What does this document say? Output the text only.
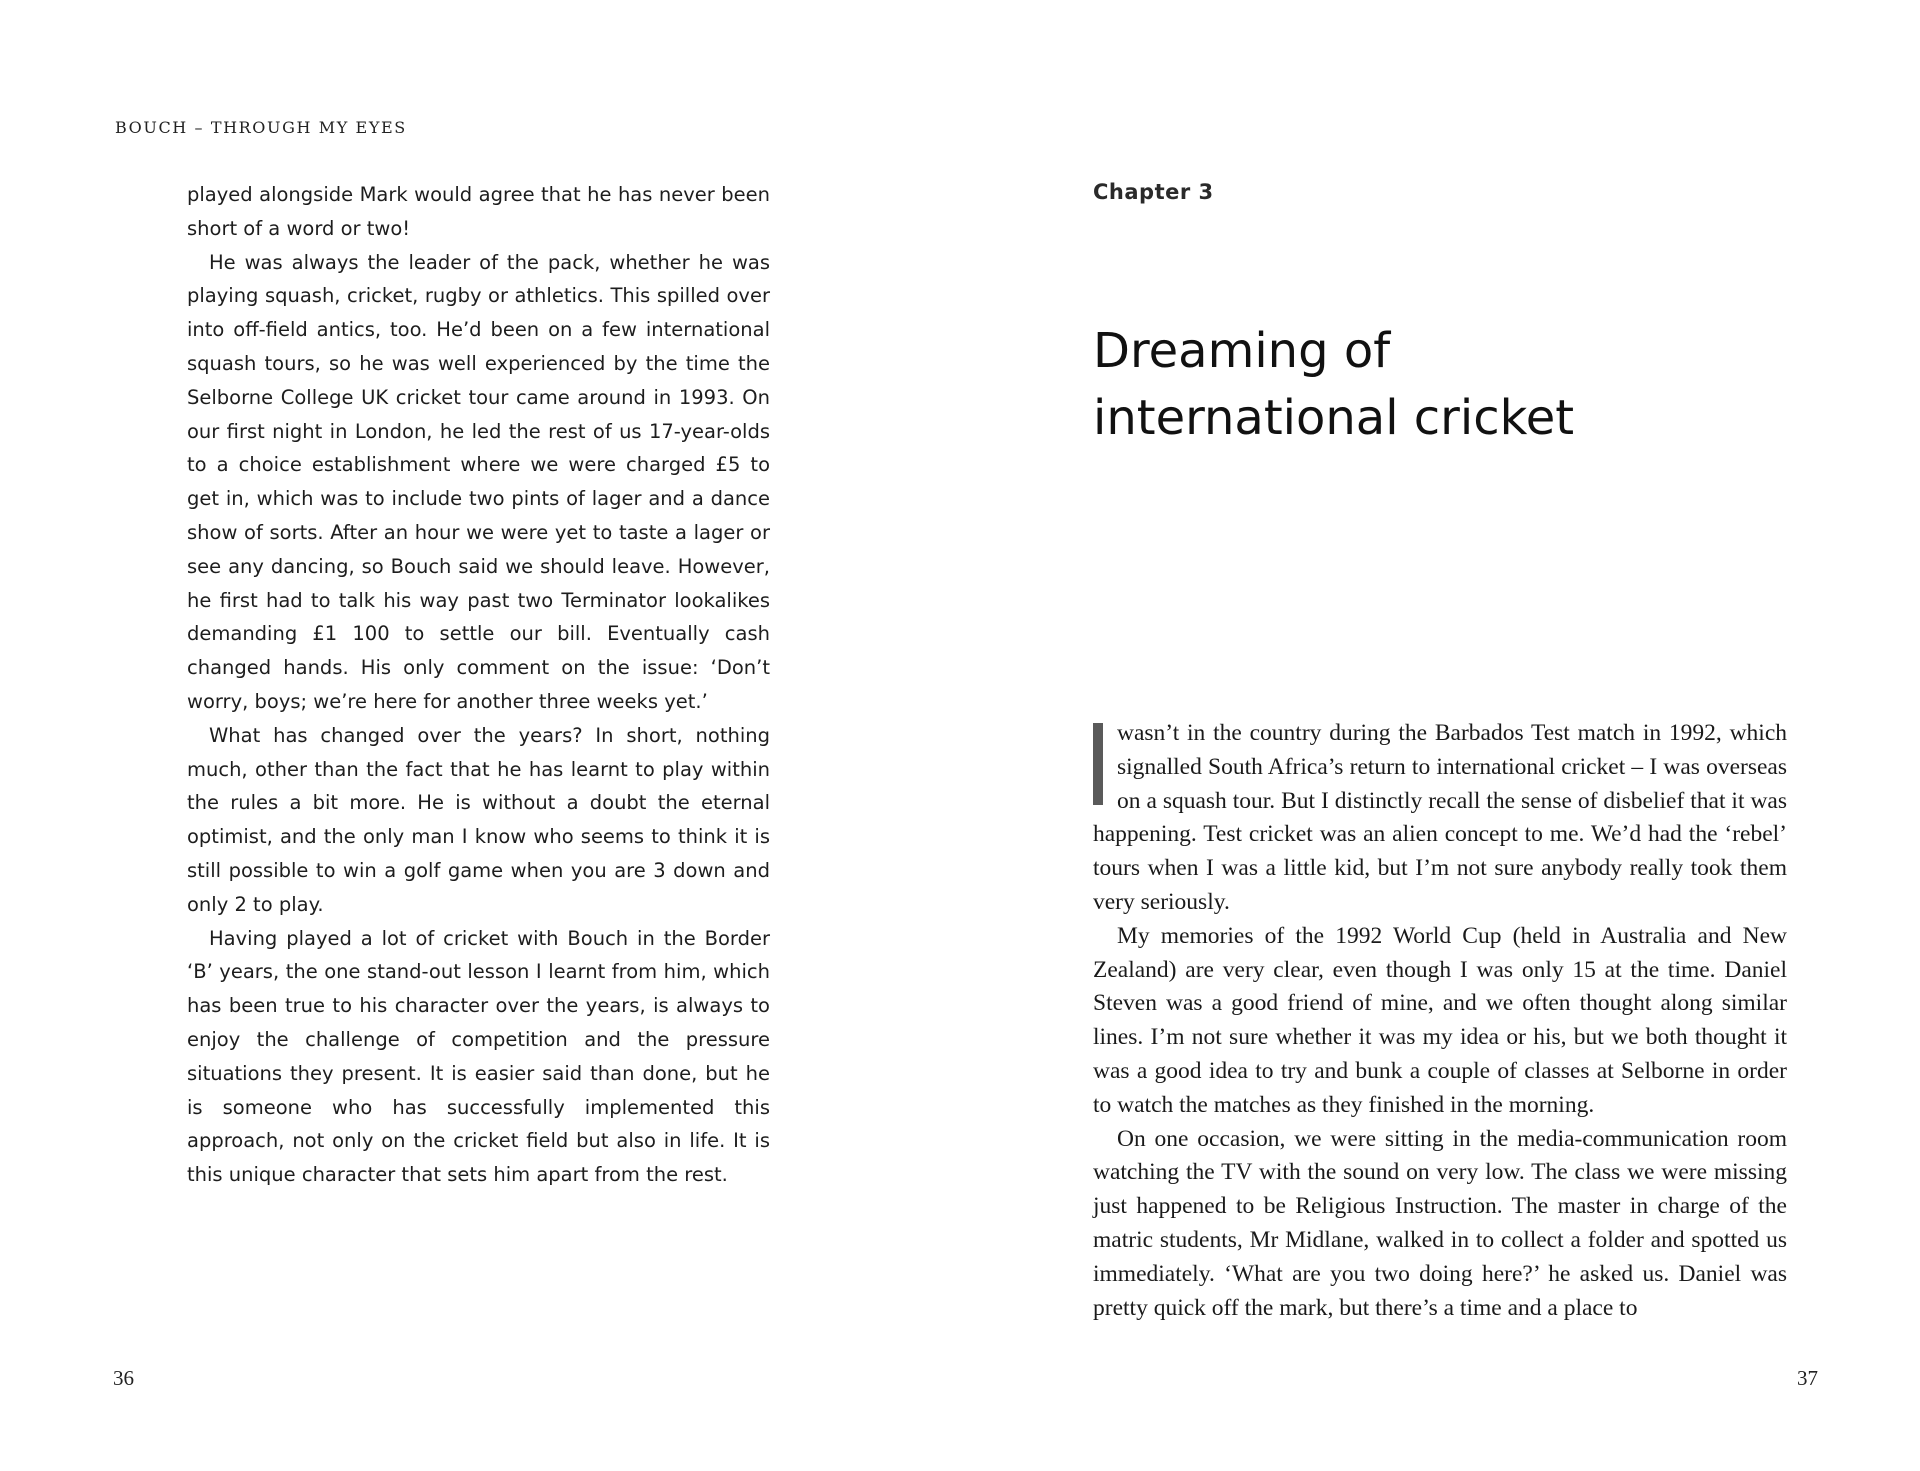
BOUCH – THROUGH MY EYES

played alongside Mark would agree that he has never been short of a word or two!

He was always the leader of the pack, whether he was playing squash, cricket, rugby or athletics. This spilled over into off-field antics, too. He’d been on a few international squash tours, so he was well experienced by the time the Selborne College UK cricket tour came around in 1993. On our first night in London, he led the rest of us 17-year-olds to a choice establishment where we were charged £5 to get in, which was to include two pints of lager and a dance show of sorts. After an hour we were yet to taste a lager or see any dancing, so Bouch said we should leave. However, he first had to talk his way past two Terminator lookalikes demanding £1 100 to settle our bill. Eventually cash changed hands. His only comment on the issue: ‘Don’t worry, boys; we’re here for another three weeks yet.’

What has changed over the years? In short, nothing much, other than the fact that he has learnt to play within the rules a bit more. He is without a doubt the eternal optimist, and the only man I know who seems to think it is still possible to win a golf game when you are 3 down and only 2 to play.

Having played a lot of cricket with Bouch in the Border ‘B’ years, the one stand-out lesson I learnt from him, which has been true to his character over the years, is always to enjoy the challenge of competition and the pressure situations they present. It is easier said than done, but he is someone who has successfully implemented this approach, not only on the cricket field but also in life. It is this unique character that sets him apart from the rest.

36
Chapter 3
Dreaming of
international cricket

wasn’t in the country during the Barbados Test match in 1992, which signalled South Africa’s return to international cricket – I was overseas on a squash tour. But I distinctly recall the sense of disbelief that it was happening. Test cricket was an alien concept to me. We’d had the ‘rebel’ tours when I was a little kid, but I’m not sure anybody really took them very seriously.

My memories of the 1992 World Cup (held in Australia and New Zealand) are very clear, even though I was only 15 at the time. Daniel Steven was a good friend of mine, and we often thought along similar lines. I’m not sure whether it was my idea or his, but we both thought it was a good idea to try and bunk a couple of classes at Selborne in order to watch the matches as they finished in the morning.

On one occasion, we were sitting in the media-communication room watching the TV with the sound on very low. The class we were missing just happened to be Religious Instruction. The master in charge of the matric students, Mr Midlane, walked in to collect a folder and spotted us immediately. ‘What are you two doing here?’ he asked us. Daniel was pretty quick off the mark, but there’s a time and a place to

37
